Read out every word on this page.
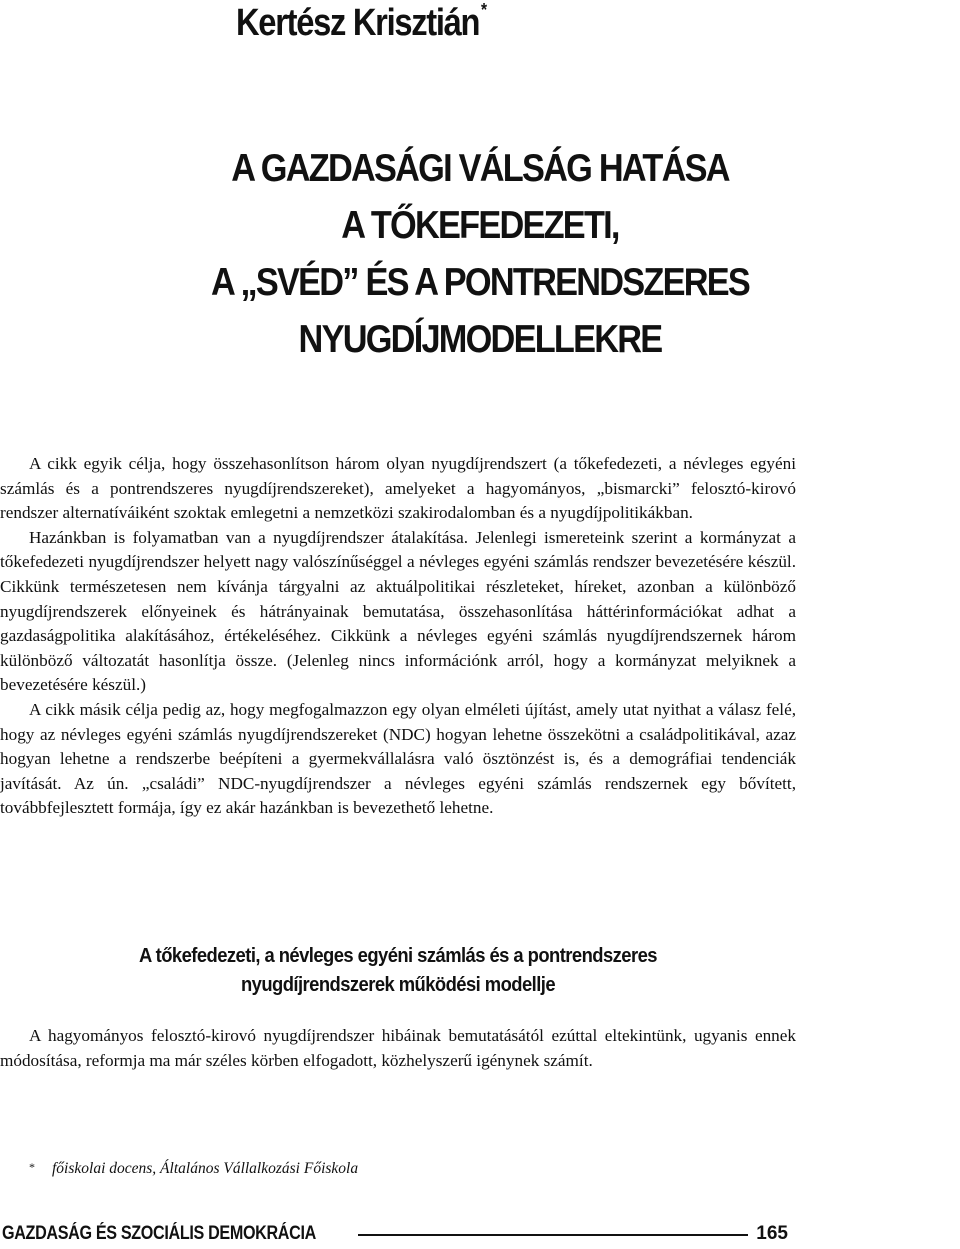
Kertész Krisztián*
A GAZDASÁGI VÁLSÁG HATÁSA
A TŐKEFEDEZETI,
A „SVÉD” ÉS A PONTRENDSZERES
NYUGDÍJMODELLEKRE

A cikk egyik célja, hogy összehasonlítson három olyan nyugdíjrendszert (a tőkefedezeti, a névleges egyéni számlás és a pontrendszeres nyugdíjrendszereket), amelyeket a hagyományos, „bismarcki” felosztó-kirovó rendszer alternatíváiként szoktak emlegetni a nemzetközi szakirodalomban és a nyugdíjpolitikákban.

Hazánkban is folyamatban van a nyugdíjrendszer átalakítása. Jelenlegi ismereteink szerint a kormányzat a tőkefedezeti nyugdíjrendszer helyett nagy valószínűséggel a névleges egyéni számlás rendszer bevezetésére készül. Cikkünk természetesen nem kívánja tárgyalni az aktuálpolitikai részleteket, híreket, azonban a különböző nyugdíjrendszerek előnyeinek és hátrányainak bemutatása, összehasonlítása háttérinformációkat adhat a gazdaságpolitika alakításához, értékeléséhez. Cikkünk a névleges egyéni számlás nyugdíjrendszernek három különböző változatát hasonlítja össze. (Jelenleg nincs információnk arról, hogy a kormányzat melyiknek a bevezetésére készül.)

A cikk másik célja pedig az, hogy megfogalmazzon egy olyan elméleti újítást, amely utat nyithat a válasz felé, hogy az névleges egyéni számlás nyugdíjrendszereket (NDC) hogyan lehetne összekötni a családpolitikával, azaz hogyan lehetne a rendszerbe beépíteni a gyermekvállalásra való ösztönzést is, és a demográfiai tendenciák javítását. Az ún. „családi” NDC-nyugdíjrendszer a névleges egyéni számlás rendszernek egy bővített, továbbfejlesztett formája, így ez akár hazánkban is bevezethető lehetne.

A tőkefedezeti, a névleges egyéni számlás és a pontrendszeres
nyugdíjrendszerek működési modellje

A hagyományos felosztó-kirovó nyugdíjrendszer hibáinak bemutatásától ezúttal eltekintünk, ugyanis ennek módosítása, reformja ma már széles körben elfogadott, közhelyszerű igénynek számít.

* főiskolai docens, Általános Vállalkozási Főiskola
GAZDASÁG ÉS SZOCIÁLIS DEMOKRÁCIA	165
